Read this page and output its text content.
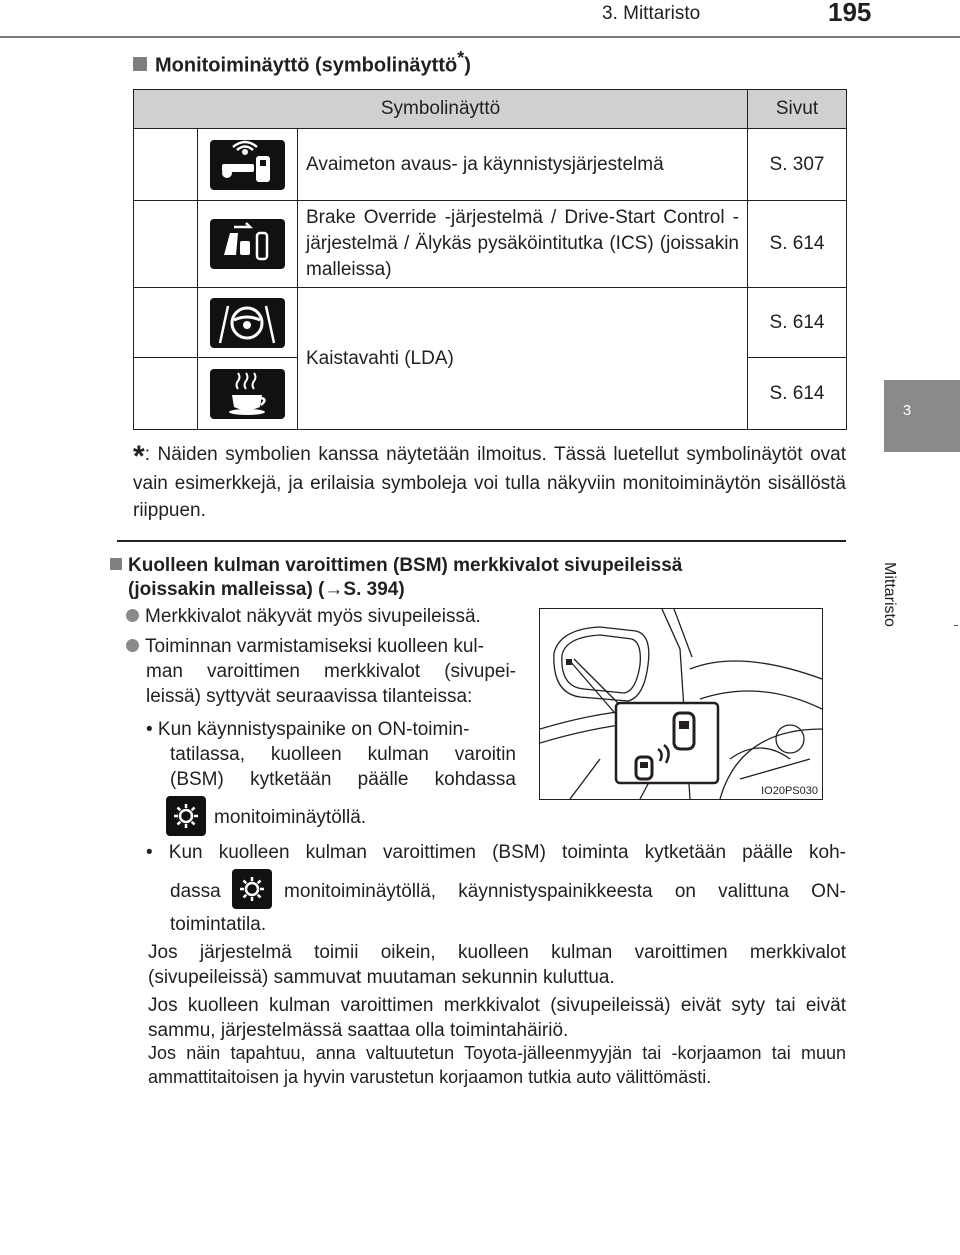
3. Mittaristo	195
3
Mittaristo
Monitoiminäyttö (symbolinäyttö*)
Symbolinäyttö			Sivut

	Avaimeton avaus- ja käynnistysjärjestelmä	S. 307

	Brake Override -järjestelmä / Drive-Start Control -järjestelmä / Älykäs pysäköintitutka (ICS) (joissakin malleissa)	S. 614

	Kaistavahti (LDA)	S. 614

	S. 614
*: Näiden symbolien kanssa näytetään ilmoitus. Tässä luetellut symbolinäytöt ovat vain esimerkkejä, ja erilaisia symboleja voi tulla näkyviin monitoiminäytön sisällöstä riippuen.
Kuolleen kulman varoittimen (BSM) merkkivalot sivupeileissä
(joissakin malleissa) (→S. 394)
Merkkivalot näkyvät myös sivupeileissä.
Toiminnan varmistamiseksi kuolleen kul-
man varoittimen merkkivalot (sivupei- leissä) syttyvät seuraavissa tilanteissa:
• Kun käynnistyspainike on ON-toimin-
tatilassa, kuolleen kulman varoitin
(BSM) kytketään päälle kohdassa
monitoiminäytöllä.
• Kun kuolleen kulman varoittimen (BSM) toiminta kytketään päälle koh-
dassa	monitoiminäytöllä, käynnistyspainikkeesta on valittuna ON-
toimintatila.
Jos järjestelmä toimii oikein, kuolleen kulman varoittimen merkkivalot (sivupeileissä) sammuvat muutaman sekunnin kuluttua.
Jos kuolleen kulman varoittimen merkkivalot (sivupeileissä) eivät syty tai eivät sammu, järjestelmässä saattaa olla toimintahäiriö.
Jos näin tapahtuu, anna valtuutetun Toyota-jälleenmyyjän tai -korjaamon tai muun ammattitaitoisen ja hyvin varustetun korjaamon tutkia auto välittömästi.
IO20PS030
